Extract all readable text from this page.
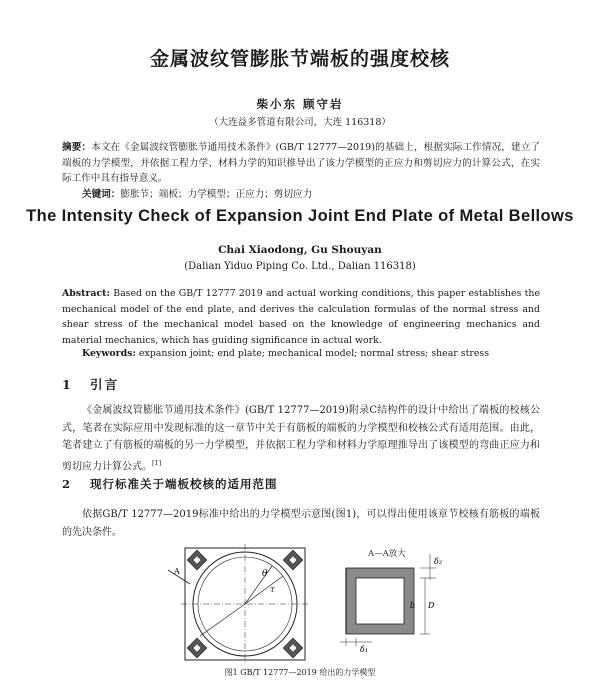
金属波纹管膨胀节端板的强度校核
柴小东 顾守岩
（大连益多管道有限公司，大连 116318）
摘要：本文在《金属波纹管膨胀节通用技术条件》(GB/T 12777—2019)的基础上，根据实际工作情况，建立了端板的力学模型，并依据工程力学、材料力学的知识推导出了该力学模型的正应力和剪切应力的计算公式，在实际工作中具有指导意义。
关键词：膨胀节；端板；力学模型；正应力；剪切应力
The Intensity Check of Expansion Joint End Plate of Metal Bellows
Chai Xiaodong, Gu Shouyan
(Dalian Yiduo Piping Co. Ltd., Dalian 116318)
Abstract: Based on the GB/T 12777 2019 and actual working conditions, this paper establishes the mechanical model of the end plate, and derives the calculation formulas of the normal stress and shear stress of the mechanical model based on the knowledge of engineering mechanics and material mechanics, which has guiding significance in actual work.
Keywords: expansion joint; end plate; mechanical model; normal stress; shear stress
1 引言
《金属波纹管膨胀节通用技术条件》(GB/T 12777—2019)附录C结构件的设计中给出了端板的校核公式，笔者在实际应用中发现标准的这一章节中关于有筋板的端板的力学模型和校核公式有适用范围。由此，笔者建立了有筋板的端板的另一力学模型，并依据工程力学和材料力学原理推导出了该模型的弯曲正应力和剪切应力计算公式。[1]
2 现行标准关于端板校核的适用范围
依据GB/T 12777—2019标准中给出的力学模型示意图(图1)，可以得出使用该章节校核有筋板的端板的先决条件。
θ
τ
A
A—A放大
δ₂
b D
δ₁
图1 GB/T 12777—2019 给出的力学模型
